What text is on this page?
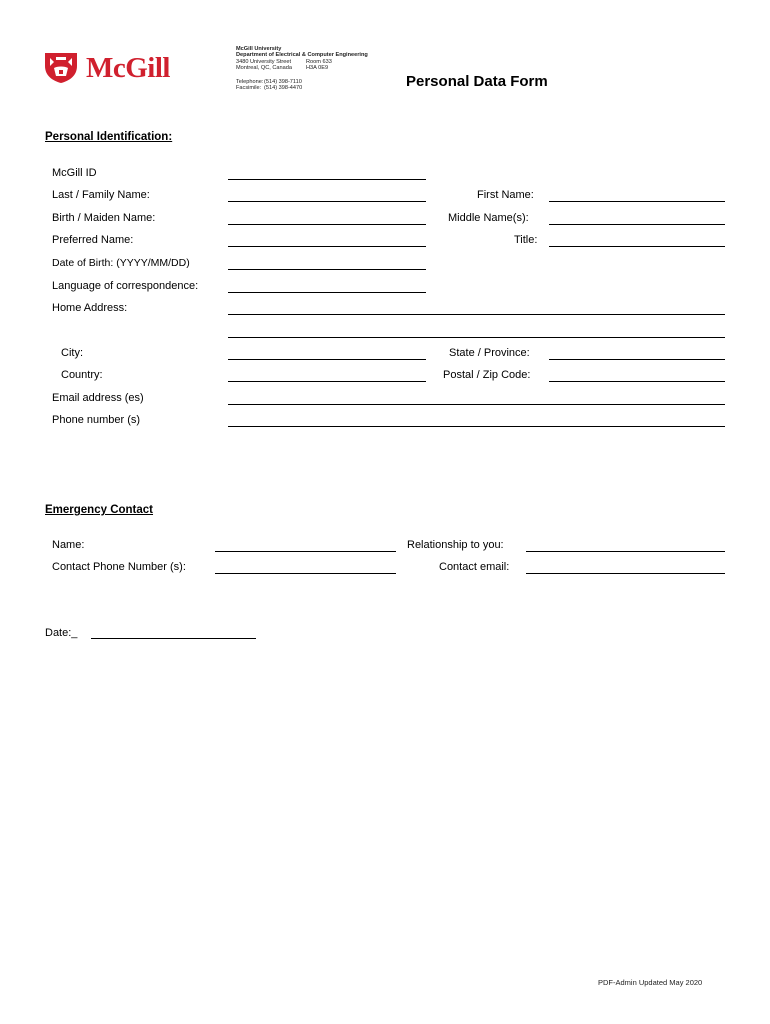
McGill
McGill University
Department of Electrical & Computer Engineering
3480 University Street	Room 633
Montreal, QC, Canada	H3A 0E9
Telephone: (514) 398-7110
Facsimile: (514) 398-4470	Personal Data Form
Personal Identification:
McGill ID
Last / Family Name:	First Name:
Birth / Maiden Name:	Middle Name(s):
Preferred Name:	Title:
Date of Birth: (YYYY/MM/DD)
Language of correspondence:
Home Address:
City:	State / Province:
Country:	Postal / Zip Code:
Email address (es)
Phone number (s)
Emergency Contact
Name:	Relationship to you:
Contact Phone Number (s):	Contact email:
Date:_
PDF-Admin Updated May 2020
